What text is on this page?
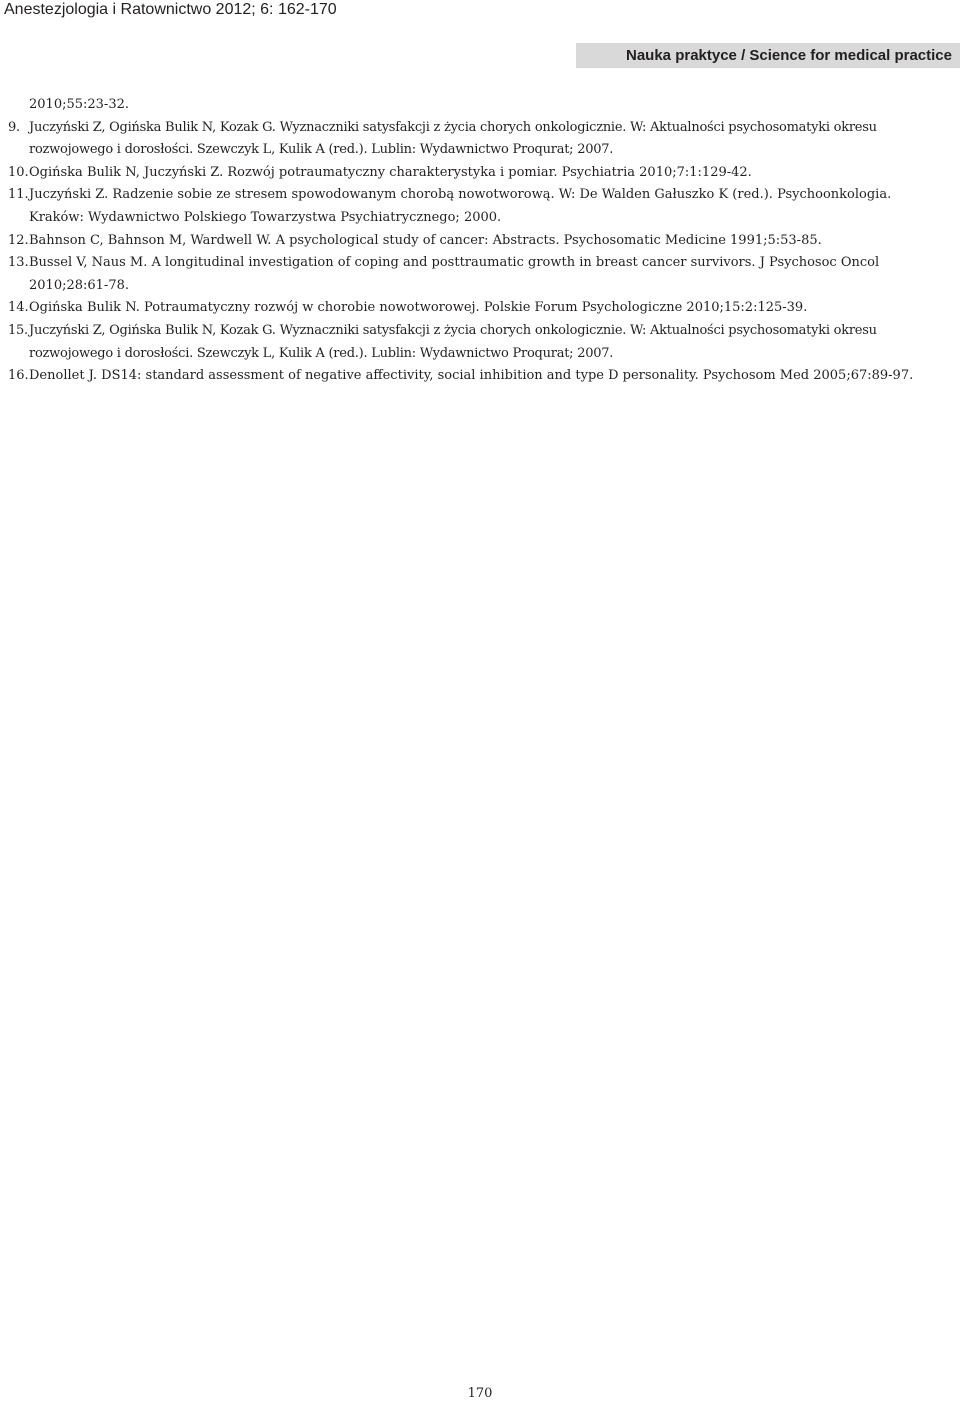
Anestezjologia i Ratownictwo 2012; 6: 162-170
Nauka praktyce / Science for medical practice
2010;55:23-32.
9. Juczyński Z, Ogińska Bulik N, Kozak G. Wyznaczniki satysfakcji z życia chorych onkologicznie. W: Aktualności psychosomatyki okresu rozwojowego i dorosłości. Szewczyk L, Kulik A (red.). Lublin: Wydawnictwo Proqurat; 2007.
10. Ogińska Bulik N, Juczyński Z. Rozwój potraumatyczny charakterystyka i pomiar. Psychiatria 2010;7:1:129-42.
11. Juczyński Z. Radzenie sobie ze stresem spowodowanym chorobą nowotworową. W: De Walden Gałuszko K (red.). Psychoonkologia. Kraków: Wydawnictwo Polskiego Towarzystwa Psychiatrycznego; 2000.
12. Bahnson C, Bahnson M, Wardwell W. A psychological study of cancer: Abstracts. Psychosomatic Medicine 1991;5:53-85.
13. Bussel V, Naus M. A longitudinal investigation of coping and posttraumatic growth in breast cancer survivors. J Psychosoc Oncol 2010;28:61-78.
14. Ogińska Bulik N. Potraumatyczny rozwój w chorobie nowotworowej. Polskie Forum Psychologiczne 2010;15:2:125-39.
15. Juczyński Z, Ogińska Bulik N, Kozak G. Wyznaczniki satysfakcji z życia chorych onkologicznie. W: Aktualności psychosomatyki okresu rozwojowego i dorosłości. Szewczyk L, Kulik A (red.). Lublin: Wydawnictwo Proqurat; 2007.
16. Denollet J. DS14: standard assessment of negative affectivity, social inhibition and type D personality. Psychosom Med 2005;67:89-97.
170
